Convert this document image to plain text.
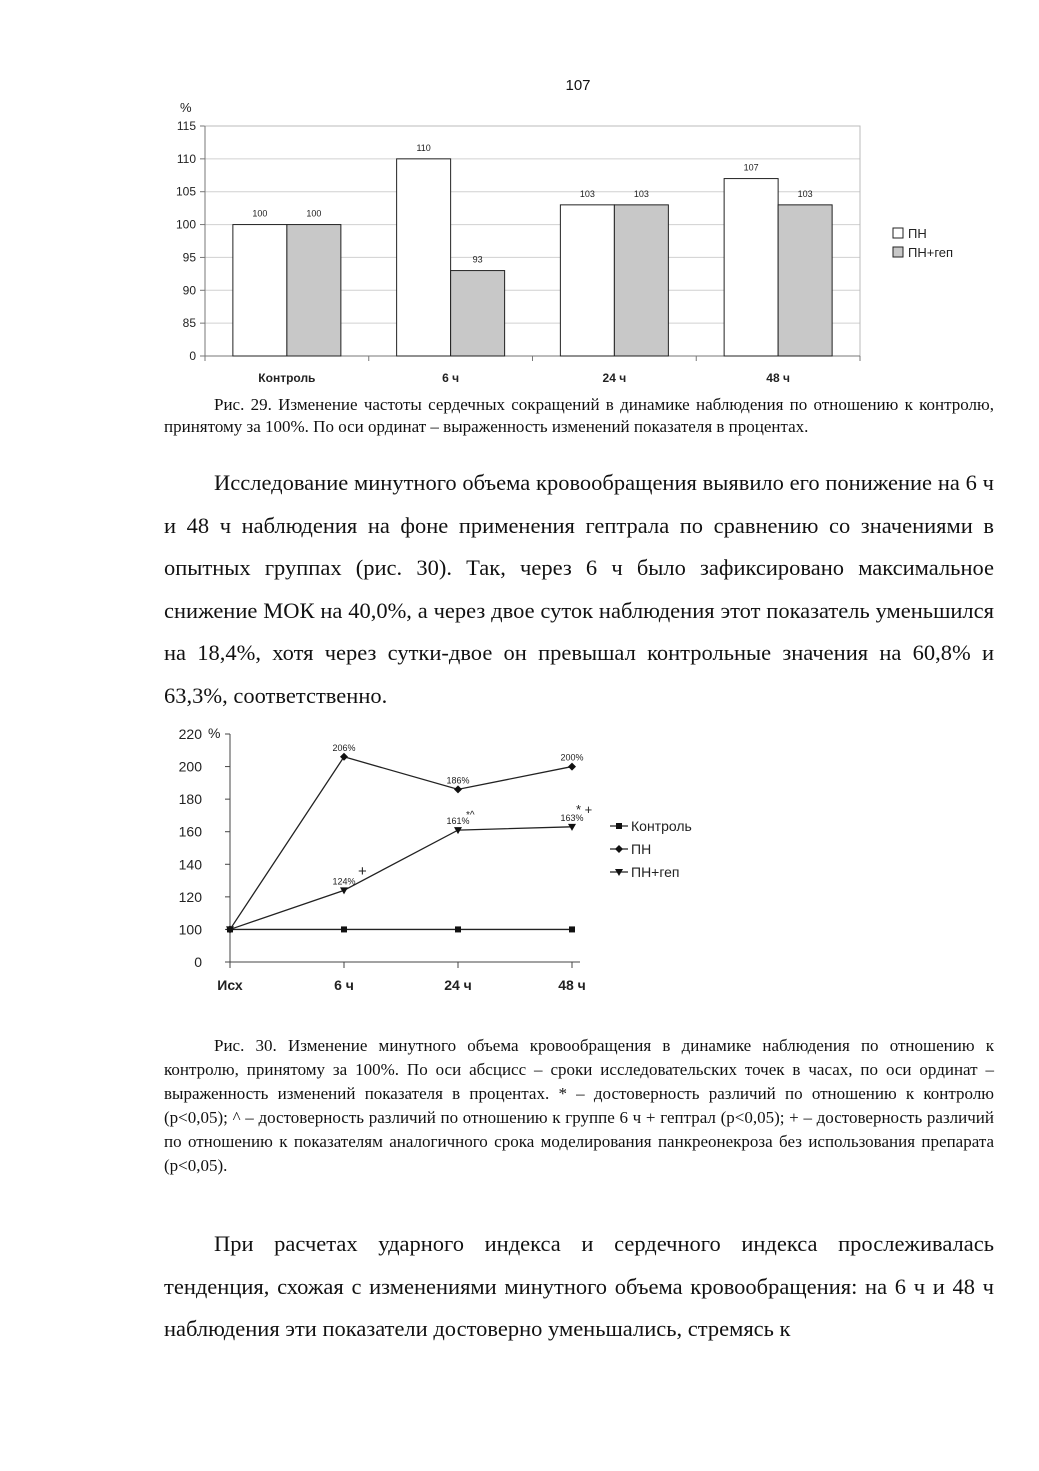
107
0
85
90
95
100
105
110
115
%
Контроль
100	100
6 ч
110
93
24 ч
103	103
48 ч
107
103
ПН
ПН+геп

Рис. 29. Изменение частоты сердечных сокращений в динамике наблюдения по отношению к контролю, принятому за 100%. По оси ординат – выраженность изменений показателя в процентах.

Исследование минутного объема кровообращения выявило его понижение на 6 ч и 48 ч наблюдения на фоне применения гептрала по сравнению со значениями в опытных группах (рис. 30). Так, через 6 ч было зафиксировано максимальное снижение МОК на 40,0%, а через двое суток наблюдения этот показатель уменьшился на 18,4%, хотя через сутки-двое он превышал контрольные значения на 60,8% и 63,3%, соответственно.

0
100
120
140
160
180
200
220 %
Исх	6 ч	24 ч	48 ч
206%
186%
200%
124%
161%	163%
+
*^	* +
Контроль
ПН
ПН+геп

Рис. 30. Изменение минутного объема кровообращения в динамике наблюдения по отношению к контролю, принятому за 100%. По оси абсцисс – сроки исследовательских точек в часах, по оси ординат – выраженность изменений показателя в процентах. * – достоверность различий по отношению к контролю (р<0,05); ^ – достоверность различий по отношению к группе 6 ч + гептрал (р<0,05); + – достоверность различий по отношению к показателям аналогичного срока моделирования панкреонекроза без использования препарата (р<0,05).

При расчетах ударного индекса и сердечного индекса прослеживалась тенденция, схожая с изменениями минутного объема кровообращения: на 6 ч и 48 ч наблюдения эти показатели достоверно уменьшались, стремясь к
